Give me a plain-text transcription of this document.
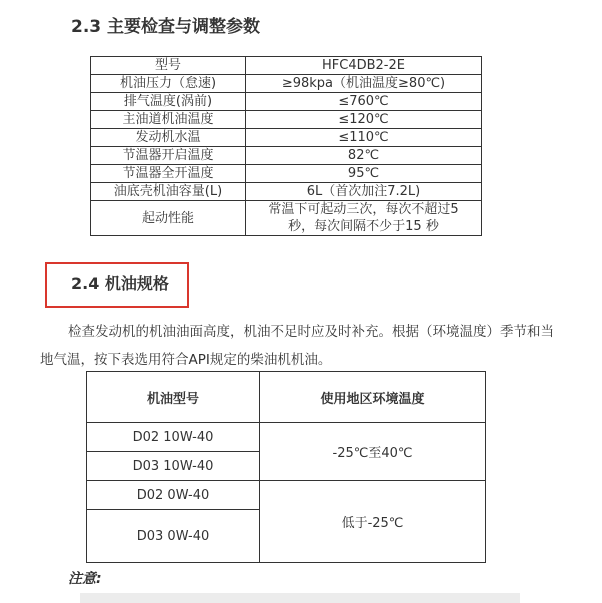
2.3 主要检查与调整参数
型号	HFC4DB2-2E
机油压力（怠速)	≥98kpa（机油温度≥80℃)
排气温度(涡前)	≤760℃
主油道机油温度	≤120℃
发动机水温	≤110℃
节温器开启温度	82℃
节温器全开温度	95℃
油底壳机油容量(L)	6L（首次加注7.2L)
起动性能	常温下可起动三次，每次不超过5
秒，每次间隔不少于15 秒
2.4 机油规格
检查发动机的机油油面高度，机油不足时应及时补充。根据（环境温度）季节和当地气温，按下表选用符合API规定的柴油机机油。
机油型号	使用地区环境温度
D02 10W-40	-25℃至40℃
D03 10W-40	
D02 0W-40	低于-25℃
D03 0W-40	
注意:
